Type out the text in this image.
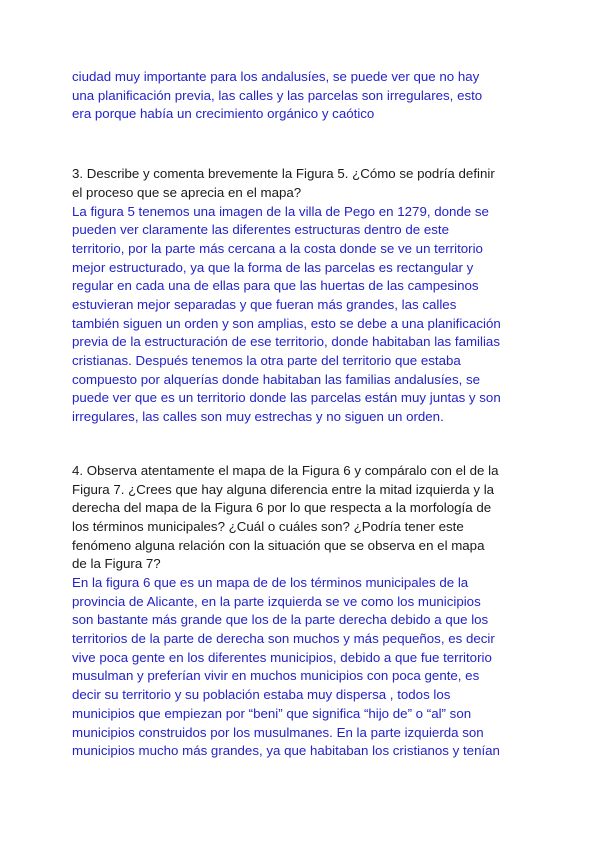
ciudad muy importante para los andalusíes, se puede ver que no hay
una planificación previa, las calles y las parcelas son irregulares, esto
era porque había un crecimiento orgánico y caótico
3. Describe y comenta brevemente la Figura 5. ¿Cómo se podría definir
el proceso que se aprecia en el mapa?
La figura 5 tenemos una imagen de la villa de Pego en 1279, donde se
pueden ver claramente las diferentes estructuras dentro de este
territorio, por la parte más cercana a la costa donde se ve un territorio
mejor estructurado, ya que la forma de las parcelas es rectangular y
regular en cada una de ellas para que las huertas de las campesinos
estuvieran mejor separadas y que fueran más grandes, las calles
también siguen un orden y son amplias, esto se debe a una planificación
previa de la estructuración de ese territorio, donde habitaban las familias
cristianas. Después tenemos la otra parte del territorio que estaba
compuesto por alquerías donde habitaban las familias andalusíes, se
puede ver que es un territorio donde las parcelas están muy juntas y son
irregulares, las calles son muy estrechas y no siguen un orden.
4. Observa atentamente el mapa de la Figura 6 y compáralo con el de la
Figura 7. ¿Crees que hay alguna diferencia entre la mitad izquierda y la
derecha del mapa de la Figura 6 por lo que respecta a la morfología de
los términos municipales? ¿Cuál o cuáles son? ¿Podría tener este
fenómeno alguna relación con la situación que se observa en el mapa
de la Figura 7?
En la figura 6 que es un mapa de de los términos municipales de la
provincia de Alicante, en la parte izquierda se ve como los municipios
son bastante más grande que los de la parte derecha debido a que los
territorios de la parte de derecha son muchos y más pequeños, es decir
vive poca gente en los diferentes municipios, debido a que fue territorio
musulman y preferían vivir en muchos municipios con poca gente, es
decir su territorio y su población estaba muy dispersa , todos los
municipios que empiezan por “beni” que significa “hijo de” o “al” son
municipios construidos por los musulmanes. En la parte izquierda son
municipios mucho más grandes, ya que habitaban los cristianos y tenían
